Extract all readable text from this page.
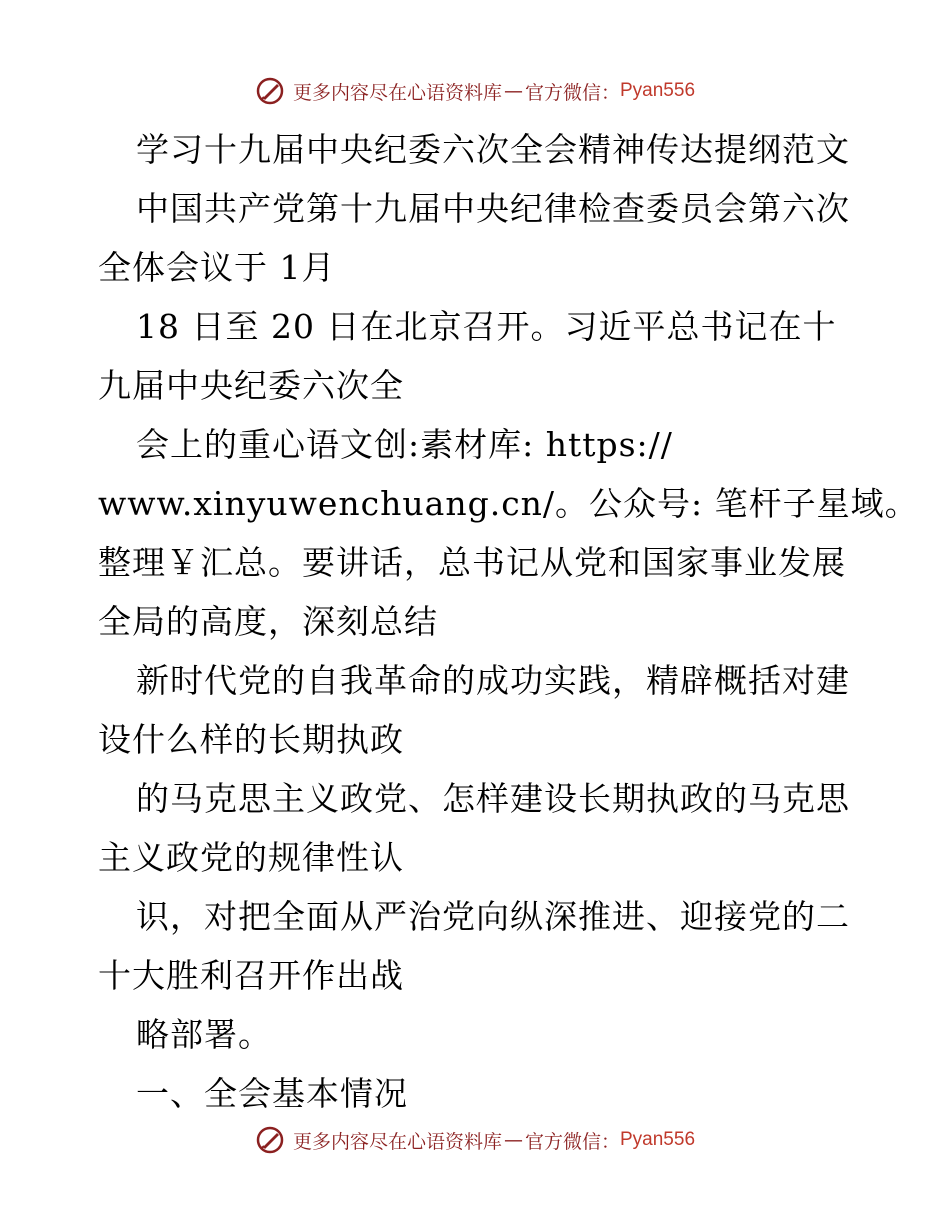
更多内容尽在心语资料库 — 官方微信： Pyan556
学习十九届中央纪委六次全会精神传达提纲范文
中国共产党第十九届中央纪律检查委员会第六次
全体会议于 1月
18 日至 20 日在北京召开。习近平总书记在十
九届中央纪委六次全
会上的重心语文创:素材库: https://
www.xinyuwenchuang.cn/。公众号: 笔杆子星域。
整理￥汇总。要讲话，总书记从党和国家事业发展
全局的高度，深刻总结
新时代党的自我革命的成功实践，精辟概括对建
设什么样的长期执政
的马克思主义政党、怎样建设长期执政的马克思
主义政党的规律性认
识，对把全面从严治党向纵深推进、迎接党的二
十大胜利召开作出战
略部署。
一、全会基本情况
更多内容尽在心语资料库 — 官方微信： Pyan556
